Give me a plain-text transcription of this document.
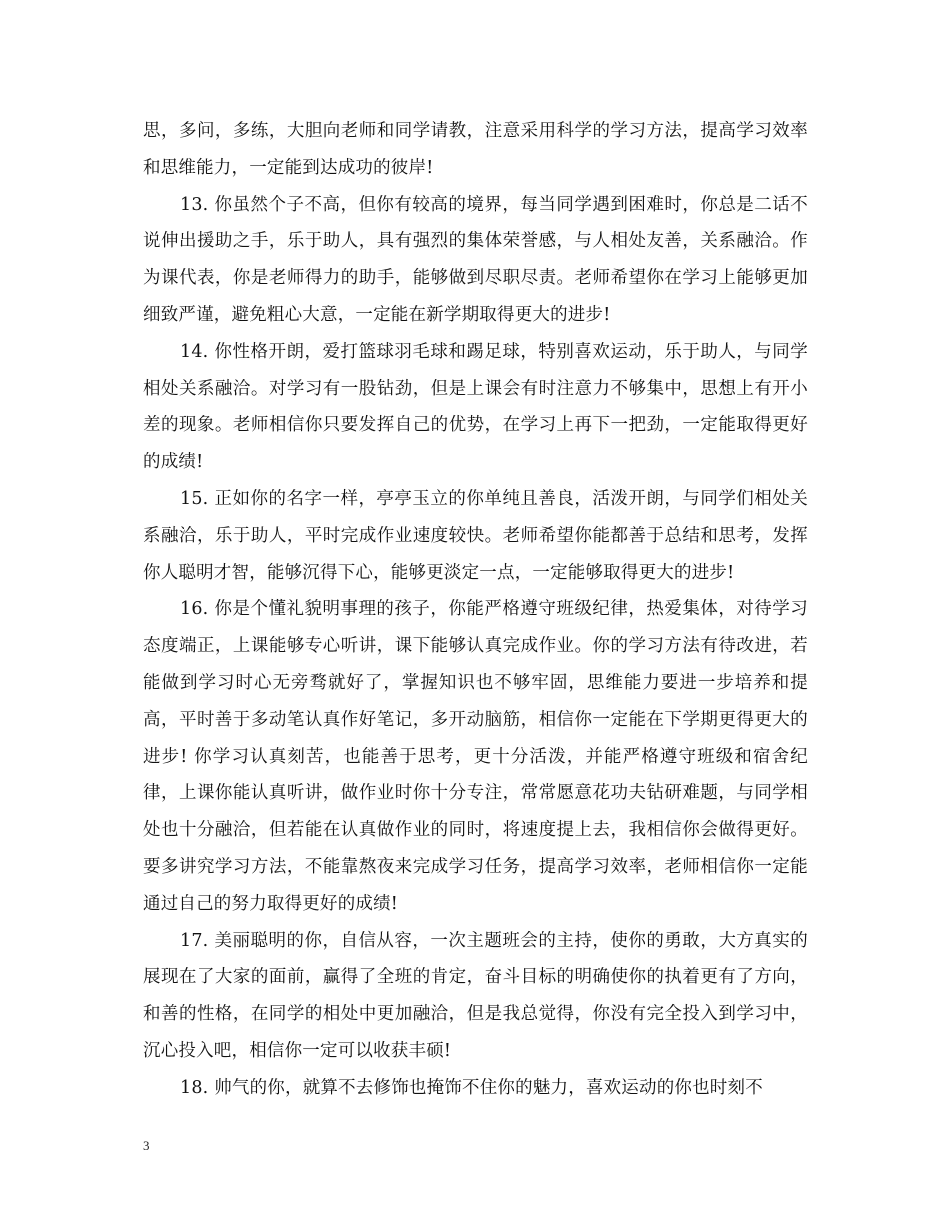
思，多问，多练，大胆向老师和同学请教，注意采用科学的学习方法，提高学习效率和思维能力，一定能到达成功的彼岸!

13. 你虽然个子不高，但你有较高的境界，每当同学遇到困难时，你总是二话不说伸出援助之手，乐于助人，具有强烈的集体荣誉感，与人相处友善，关系融洽。作为课代表，你是老师得力的助手，能够做到尽职尽责。老师希望你在学习上能够更加细致严谨，避免粗心大意，一定能在新学期取得更大的进步!

14. 你性格开朗，爱打篮球羽毛球和踢足球，特别喜欢运动，乐于助人，与同学相处关系融洽。对学习有一股钻劲，但是上课会有时注意力不够集中，思想上有开小差的现象。老师相信你只要发挥自己的优势，在学习上再下一把劲，一定能取得更好的成绩!

15. 正如你的名字一样，亭亭玉立的你单纯且善良，活泼开朗，与同学们相处关系融洽，乐于助人，平时完成作业速度较快。老师希望你能都善于总结和思考，发挥你人聪明才智，能够沉得下心，能够更淡定一点，一定能够取得更大的进步!

16. 你是个懂礼貌明事理的孩子，你能严格遵守班级纪律，热爱集体，对待学习态度端正，上课能够专心听讲，课下能够认真完成作业。你的学习方法有待改进，若能做到学习时心无旁骛就好了，掌握知识也不够牢固，思维能力要进一步培养和提高，平时善于多动笔认真作好笔记，多开动脑筋，相信你一定能在下学期更得更大的进步! 你学习认真刻苦，也能善于思考，更十分活泼，并能严格遵守班级和宿舍纪律，上课你能认真听讲，做作业时你十分专注，常常愿意花功夫钻研难题，与同学相处也十分融洽，但若能在认真做作业的同时，将速度提上去，我相信你会做得更好。要多讲究学习方法，不能靠熬夜来完成学习任务，提高学习效率，老师相信你一定能通过自己的努力取得更好的成绩!

17. 美丽聪明的你，自信从容，一次主题班会的主持，使你的勇敢，大方真实的展现在了大家的面前，赢得了全班的肯定，奋斗目标的明确使你的执着更有了方向，和善的性格，在同学的相处中更加融洽，但是我总觉得，你没有完全投入到学习中，沉心投入吧，相信你一定可以收获丰硕!

18. 帅气的你，就算不去修饰也掩饰不住你的魅力，喜欢运动的你也时刻不

3
